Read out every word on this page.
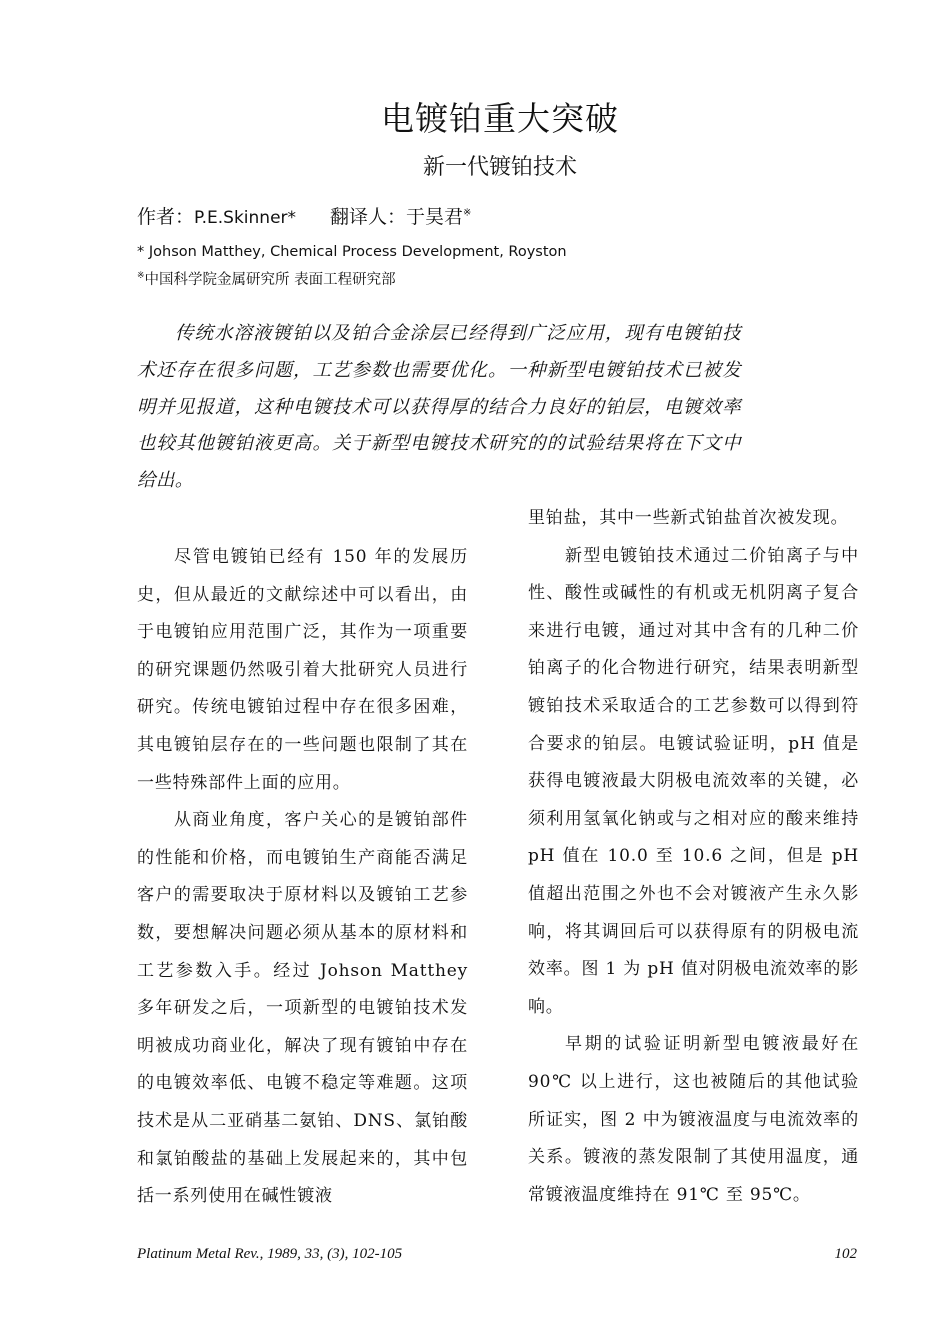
电镀铂重大突破
新一代镀铂技术
作者：P.E.Skinner* 翻译人：于昊君※
* Johson Matthey, Chemical Process Development, Royston
※中国科学院金属研究所 表面工程研究部
传统水溶液镀铂以及铂合金涂层已经得到广泛应用，现有电镀铂技术还存在很多问题，工艺参数也需要优化。一种新型电镀铂技术已被发明并见报道，这种电镀技术可以获得厚的结合力良好的铂层，电镀效率也较其他镀铂液更高。关于新型电镀技术研究的的试验结果将在下文中给出。

尽管电镀铂已经有 150 年的发展历史，但从最近的文献综述中可以看出，由于电镀铂应用范围广泛，其作为一项重要的研究课题仍然吸引着大批研究人员进行研究。传统电镀铂过程中存在很多困难，其电镀铂层存在的一些问题也限制了其在一些特殊部件上面的应用。

从商业角度，客户关心的是镀铂部件的性能和价格，而电镀铂生产商能否满足客户的需要取决于原材料以及镀铂工艺参数，要想解决问题必须从基本的原材料和工艺参数入手。经过 Johson Matthey 多年研发之后，一项新型的电镀铂技术发明被成功商业化，解决了现有镀铂中存在的电镀效率低、电镀不稳定等难题。这项技术是从二亚硝基二氨铂、DNS、氯铂酸和氯铂酸盐的基础上发展起来的，其中包括一系列使用在碱性镀液

里铂盐，其中一些新式铂盐首次被发现。

新型电镀铂技术通过二价铂离子与中性、酸性或碱性的有机或无机阴离子复合来进行电镀，通过对其中含有的几种二价铂离子的化合物进行研究，结果表明新型镀铂技术采取适合的工艺参数可以得到符合要求的铂层。电镀试验证明，pH 值是获得电镀液最大阴极电流效率的关键，必须利用氢氧化钠或与之相对应的酸来维持 pH 值在 10.0 至 10.6 之间，但是 pH 值超出范围之外也不会对镀液产生永久影响，将其调回后可以获得原有的阴极电流效率。图 1 为 pH 值对阴极电流效率的影响。

早期的试验证明新型电镀液最好在 90℃ 以上进行，这也被随后的其他试验所证实，图 2 中为镀液温度与电流效率的关系。镀液的蒸发限制了其使用温度，通常镀液温度维持在 91℃ 至 95℃。

Platinum Metal Rev., 1989, 33, (3), 102-105	102
